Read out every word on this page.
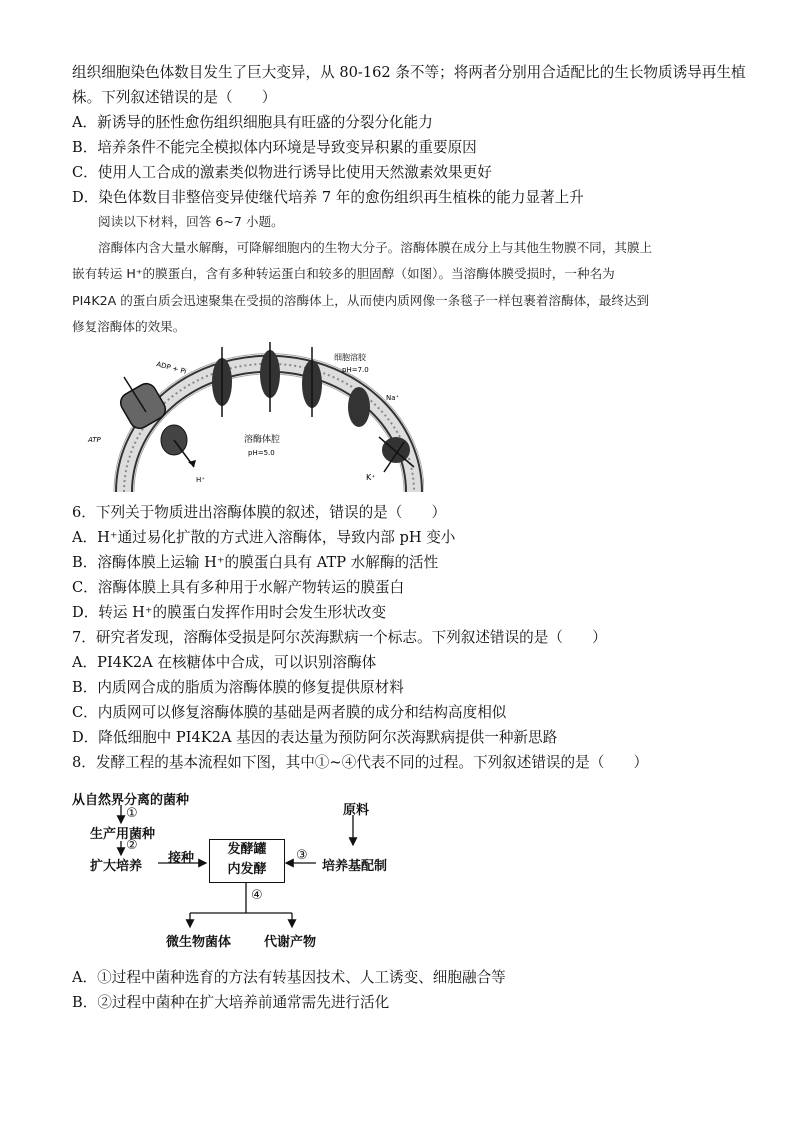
组织细胞染色体数目发生了巨大变异，从 80-162 条不等；将两者分别用合适配比的生长物质诱导再生植
株。下列叙述错误的是（　　）
A．新诱导的胚性愈伤组织细胞具有旺盛的分裂分化能力
B．培养条件不能完全模拟体内环境是导致变异积累的重要原因
C．使用人工合成的激素类似物进行诱导比使用天然激素效果更好
D．染色体数目非整倍变异使继代培养 7 年的愈伤组织再生植株的能力显著上升
阅读以下材料，回答 6~7 小题。

溶酶体内含大量水解酶，可降解细胞内的生物大分子。溶酶体膜在成分上与其他生物膜不同，其膜上

嵌有转运 H⁺的膜蛋白，含有多种转运蛋白和较多的胆固醇（如图）。当溶酶体膜受损时，一种名为

PI4K2A 的蛋白质会迅速聚集在受损的溶酶体上，从而使内质网像一条毯子一样包裹着溶酶体，最终达到

修复溶酶体的效果。

ADP + Pi
ATP
H⁺
细胞溶胶
pH=7.0
溶酶体腔
pH=5.0
Na⁺
K⁺
6．下列关于物质进出溶酶体膜的叙述，错误的是（　　）
A．H⁺通过易化扩散的方式进入溶酶体，导致内部 pH 变小
B．溶酶体膜上运输 H⁺的膜蛋白具有 ATP 水解酶的活性
C．溶酶体膜上具有多种用于水解产物转运的膜蛋白
D．转运 H⁺的膜蛋白发挥作用时会发生形状改变
7．研究者发现，溶酶体受损是阿尔茨海默病一个标志。下列叙述错误的是（　　）
A．PI4K2A 在核糖体中合成，可以识别溶酶体
B．内质网合成的脂质为溶酶体膜的修复提供原材料
C．内质网可以修复溶酶体膜的基础是两者膜的成分和结构高度相似
D．降低细胞中 PI4K2A 基因的表达量为预防阿尔茨海默病提供一种新思路
8．发酵工程的基本流程如下图，其中①~④代表不同的过程。下列叙述错误的是（　　）
从自然界分离的菌种
①
生产用菌种
②
扩大培养
接种
发酵罐
内发酵
原料
③
培养基配制
④
微生物菌体	代谢产物
A．①过程中菌种选育的方法有转基因技术、人工诱变、细胞融合等
B．②过程中菌种在扩大培养前通常需先进行活化
